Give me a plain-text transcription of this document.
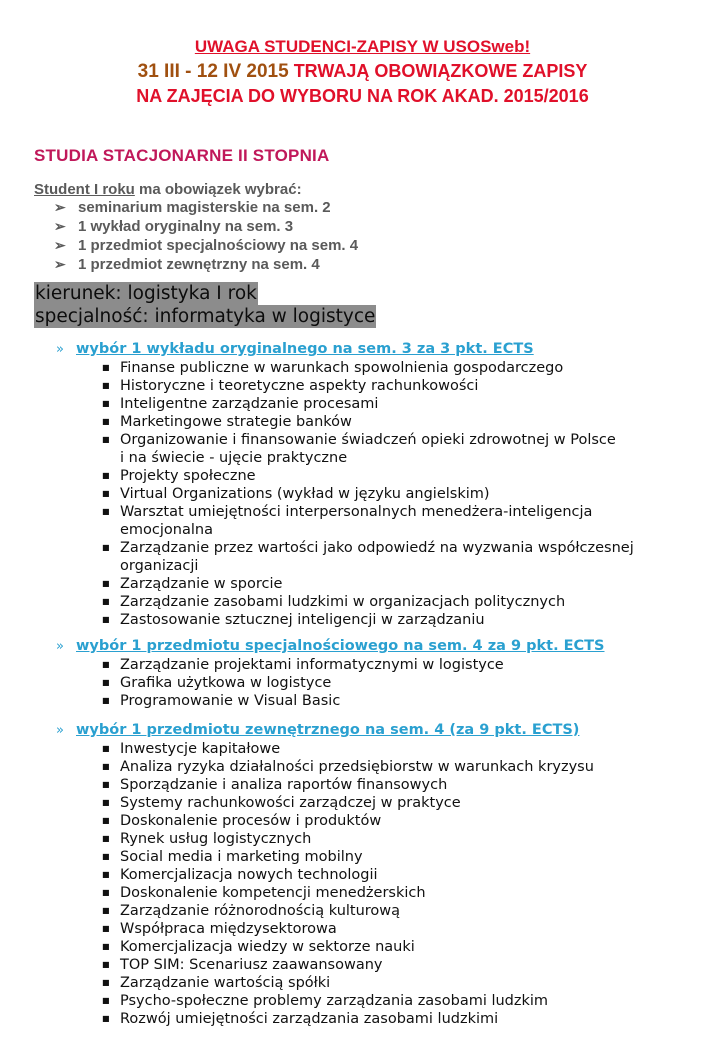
UWAGA STUDENCI-ZAPISY W USOSweb!
31 III - 12 IV 2015 TRWAJĄ OBOWIĄZKOWE ZAPISY
NA ZAJĘCIA DO WYBORU NA ROK AKAD. 2015/2016
STUDIA STACJONARNE II STOPNIA
Student I roku ma obowiązek wybrać:
➢ seminarium magisterskie na sem. 2
➢ 1 wykład oryginalny na sem. 3
➢ 1 przedmiot specjalnościowy na sem. 4
➢ 1 przedmiot zewnętrzny na sem. 4
kierunek: logistyka I rok
specjalność: informatyka w logistyce
» wybór 1 wykładu oryginalnego na sem. 3 za 3 pkt. ECTS
■ Finanse publiczne w warunkach spowolnienia gospodarczego
■ Historyczne i teoretyczne aspekty rachunkowości
■ Inteligentne zarządzanie procesami
■ Marketingowe strategie banków
■ Organizowanie i finansowanie świadczeń opieki zdrowotnej w Polsce
i na świecie - ujęcie praktyczne
■ Projekty społeczne
■ Virtual Organizations (wykład w języku angielskim)
■ Warsztat umiejętności interpersonalnych menedżera-inteligencja
emocjonalna
■ Zarządzanie przez wartości jako odpowiedź na wyzwania współczesnej
organizacji
■ Zarządzanie w sporcie
■ Zarządzanie zasobami ludzkimi w organizacjach politycznych
■ Zastosowanie sztucznej inteligencji w zarządzaniu
» wybór 1 przedmiotu specjalnościowego na sem. 4 za 9 pkt. ECTS
■ Zarządzanie projektami informatycznymi w logistyce
■ Grafika użytkowa w logistyce
■ Programowanie w Visual Basic
» wybór 1 przedmiotu zewnętrznego na sem. 4 (za 9 pkt. ECTS)
■ Inwestycje kapitałowe
■ Analiza ryzyka działalności przedsiębiorstw w warunkach kryzysu
■ Sporządzanie i analiza raportów finansowych
■ Systemy rachunkowości zarządczej w praktyce
■ Doskonalenie procesów i produktów
■ Rynek usług logistycznych
■ Social media i marketing mobilny
■ Komercjalizacja nowych technologii
■ Doskonalenie kompetencji menedżerskich
■ Zarządzanie różnorodnością kulturową
■ Współpraca międzysektorowa
■ Komercjalizacja wiedzy w sektorze nauki
■ TOP SIM: Scenariusz zaawansowany
■ Zarządzanie wartością spółki
■ Psycho-społeczne problemy zarządzania zasobami ludzkim
■ Rozwój umiejętności zarządzania zasobami ludzkimi
